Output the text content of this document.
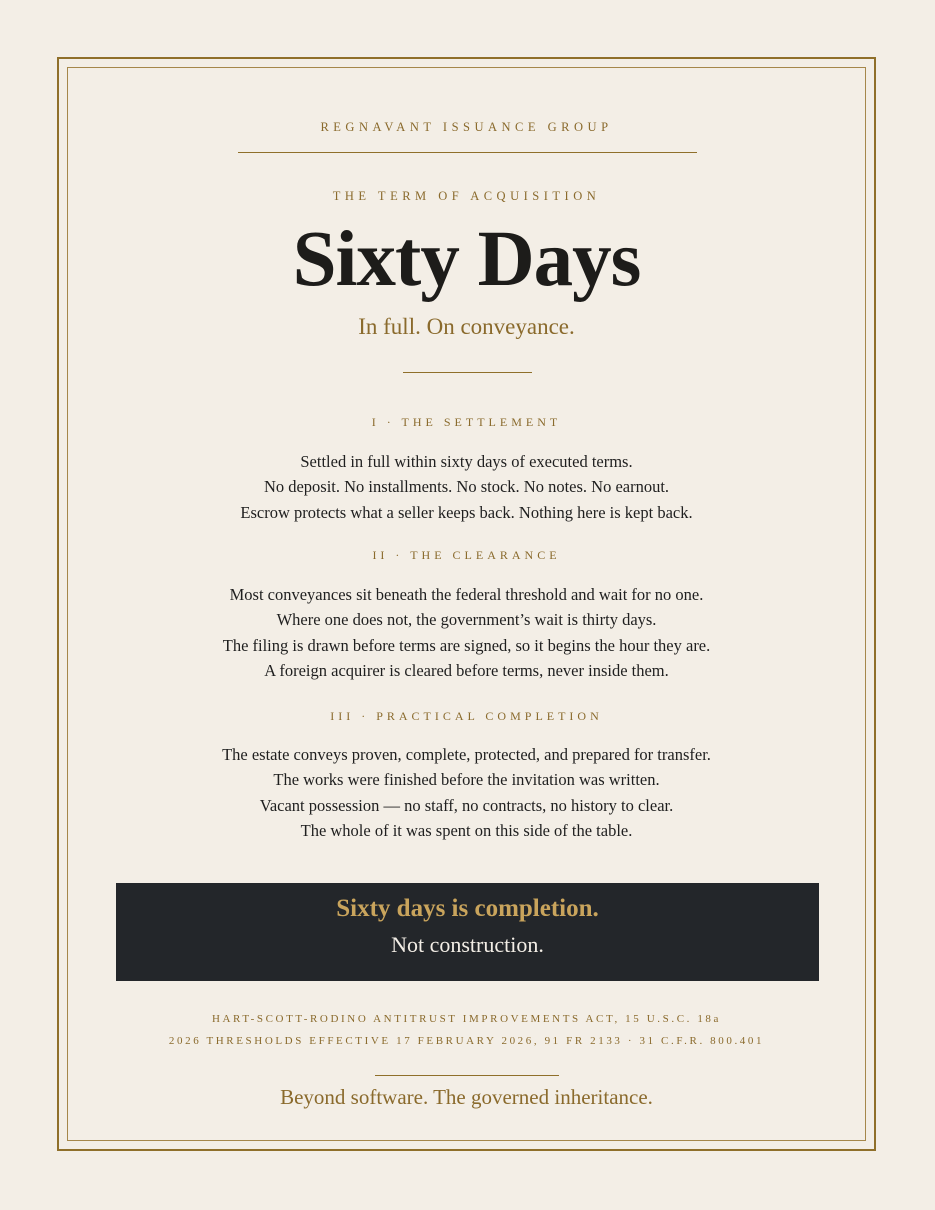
REGNAVANT ISSUANCE GROUP
THE TERM OF ACQUISITION
Sixty Days
In full. On conveyance.
I · THE SETTLEMENT
Settled in full within sixty days of executed terms.
No deposit. No installments. No stock. No notes. No earnout.
Escrow protects what a seller keeps back. Nothing here is kept back.
II · THE CLEARANCE
Most conveyances sit beneath the federal threshold and wait for no one.
Where one does not, the government’s wait is thirty days.
The filing is drawn before terms are signed, so it begins the hour they are.
A foreign acquirer is cleared before terms, never inside them.
III · PRACTICAL COMPLETION
The estate conveys proven, complete, protected, and prepared for transfer.
The works were finished before the invitation was written.
Vacant possession — no staff, no contracts, no history to clear.
The whole of it was spent on this side of the table.
Sixty days is completion.
Not construction.
HART-SCOTT-RODINO ANTITRUST IMPROVEMENTS ACT, 15 U.S.C. 18a
2026 THRESHOLDS EFFECTIVE 17 FEBRUARY 2026, 91 FR 2133 · 31 C.F.R. 800.401
Beyond software. The governed inheritance.
